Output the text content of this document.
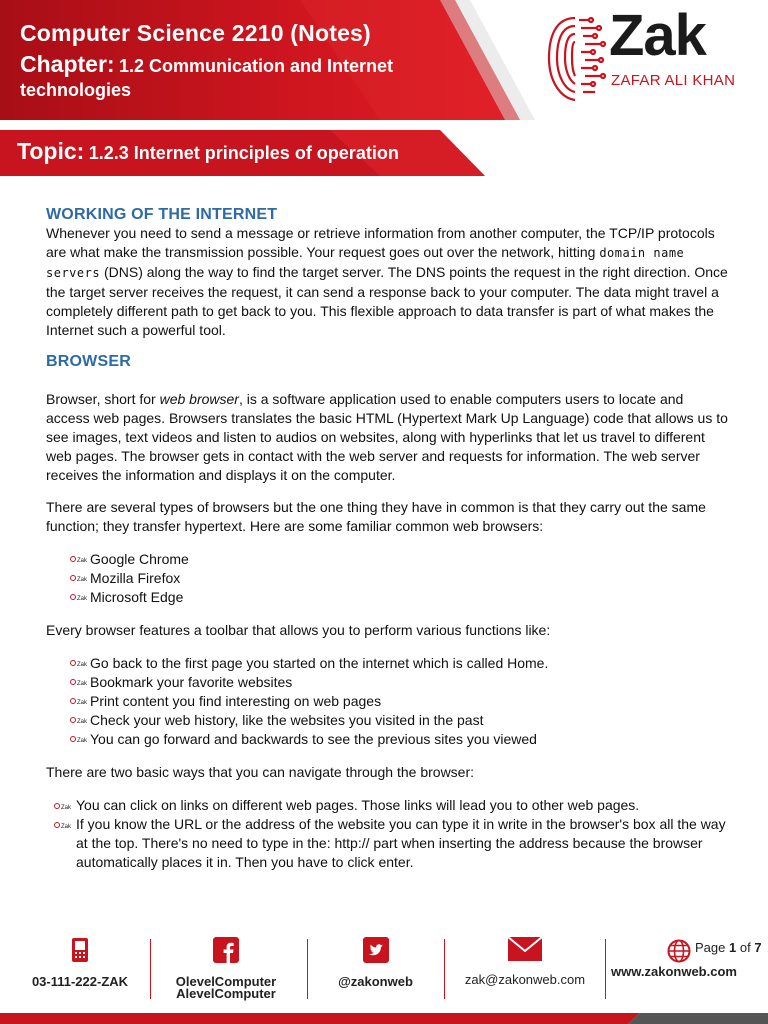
Computer Science 2210 (Notes)
Chapter: 1.2 Communication and Internet
technologies
Zak
ZAFAR ALI KHAN
Topic: 1.2.3 Internet principles of operation
WORKING OF THE INTERNET

Whenever you need to send a message or retrieve information from another computer, the TCP/IP protocols are what make the transmission possible. Your request goes out over the network, hitting domain name servers (DNS) along the way to find the target server. The DNS points the request in the right direction. Once the target server receives the request, it can send a response back to your computer. The data might travel a completely different path to get back to you. This flexible approach to data transfer is part of what makes the Internet such a powerful tool.

BROWSER

Browser, short for web browser, is a software application used to enable computers users to locate and access web pages. Browsers translates the basic HTML (Hypertext Mark Up Language) code that allows us to see images, text videos and listen to audios on websites, along with hyperlinks that let us travel to different web pages. The browser gets in contact with the web server and requests for information. The web server receives the information and displays it on the computer.

There are several types of browsers but the one thing they have in common is that they carry out the same function; they transfer hypertext. Here are some familiar common web browsers:

Zak Google Chrome
Zak Mozilla Firefox
Zak Microsoft Edge

Every browser features a toolbar that allows you to perform various functions like:

Zak Go back to the first page you started on the internet which is called Home.
Zak Bookmark your favorite websites
Zak Print content you find interesting on web pages
Zak Check your web history, like the websites you visited in the past
Zak You can go forward and backwards to see the previous sites you viewed

There are two basic ways that you can navigate through the browser:

Zak You can click on links on different web pages. Those links will lead you to other web pages.
Zak If you know the URL or the address of the website you can type it in write in the browser's box all the way at the top. There's no need to type in the: http:// part when inserting the address because the browser automatically places it in. Then you have to click enter.
03-111-222-ZAK	OlevelComputer
AlevelComputer
@zakonweb	zak@zakonweb.com
www.zakonweb.com
Page 1 of 7
